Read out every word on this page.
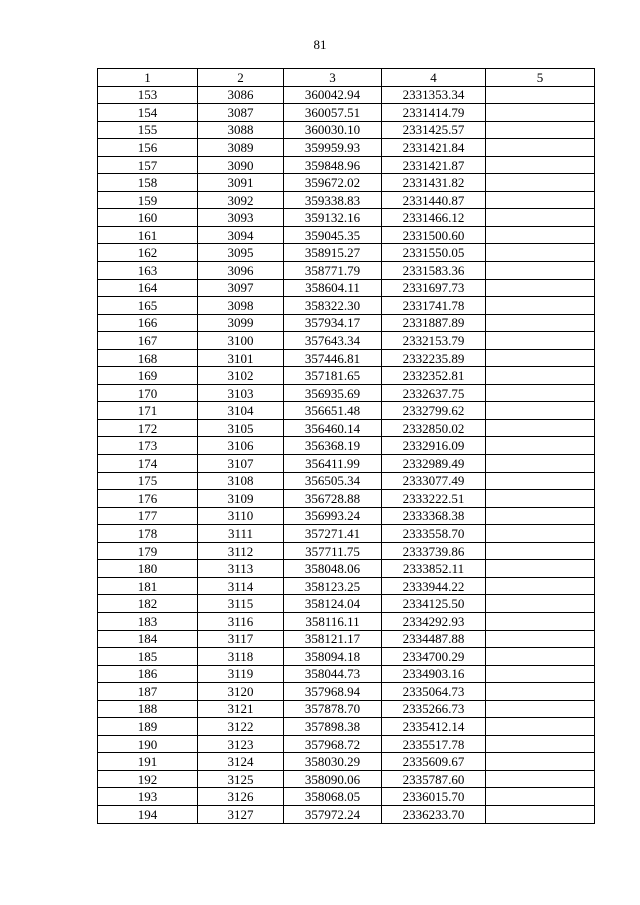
81
1	2	3	4	5
153	3086	360042.94	2331353.34	
154	3087	360057.51	2331414.79	
155	3088	360030.10	2331425.57	
156	3089	359959.93	2331421.84	
157	3090	359848.96	2331421.87	
158	3091	359672.02	2331431.82	
159	3092	359338.83	2331440.87	
160	3093	359132.16	2331466.12	
161	3094	359045.35	2331500.60	
162	3095	358915.27	2331550.05	
163	3096	358771.79	2331583.36	
164	3097	358604.11	2331697.73	
165	3098	358322.30	2331741.78	
166	3099	357934.17	2331887.89	
167	3100	357643.34	2332153.79	
168	3101	357446.81	2332235.89	
169	3102	357181.65	2332352.81	
170	3103	356935.69	2332637.75	
171	3104	356651.48	2332799.62	
172	3105	356460.14	2332850.02	
173	3106	356368.19	2332916.09	
174	3107	356411.99	2332989.49	
175	3108	356505.34	2333077.49	
176	3109	356728.88	2333222.51	
177	3110	356993.24	2333368.38	
178	3111	357271.41	2333558.70	
179	3112	357711.75	2333739.86	
180	3113	358048.06	2333852.11	
181	3114	358123.25	2333944.22	
182	3115	358124.04	2334125.50	
183	3116	358116.11	2334292.93	
184	3117	358121.17	2334487.88	
185	3118	358094.18	2334700.29	
186	3119	358044.73	2334903.16	
187	3120	357968.94	2335064.73	
188	3121	357878.70	2335266.73	
189	3122	357898.38	2335412.14	
190	3123	357968.72	2335517.78	
191	3124	358030.29	2335609.67	
192	3125	358090.06	2335787.60	
193	3126	358068.05	2336015.70	
194	3127	357972.24	2336233.70	
